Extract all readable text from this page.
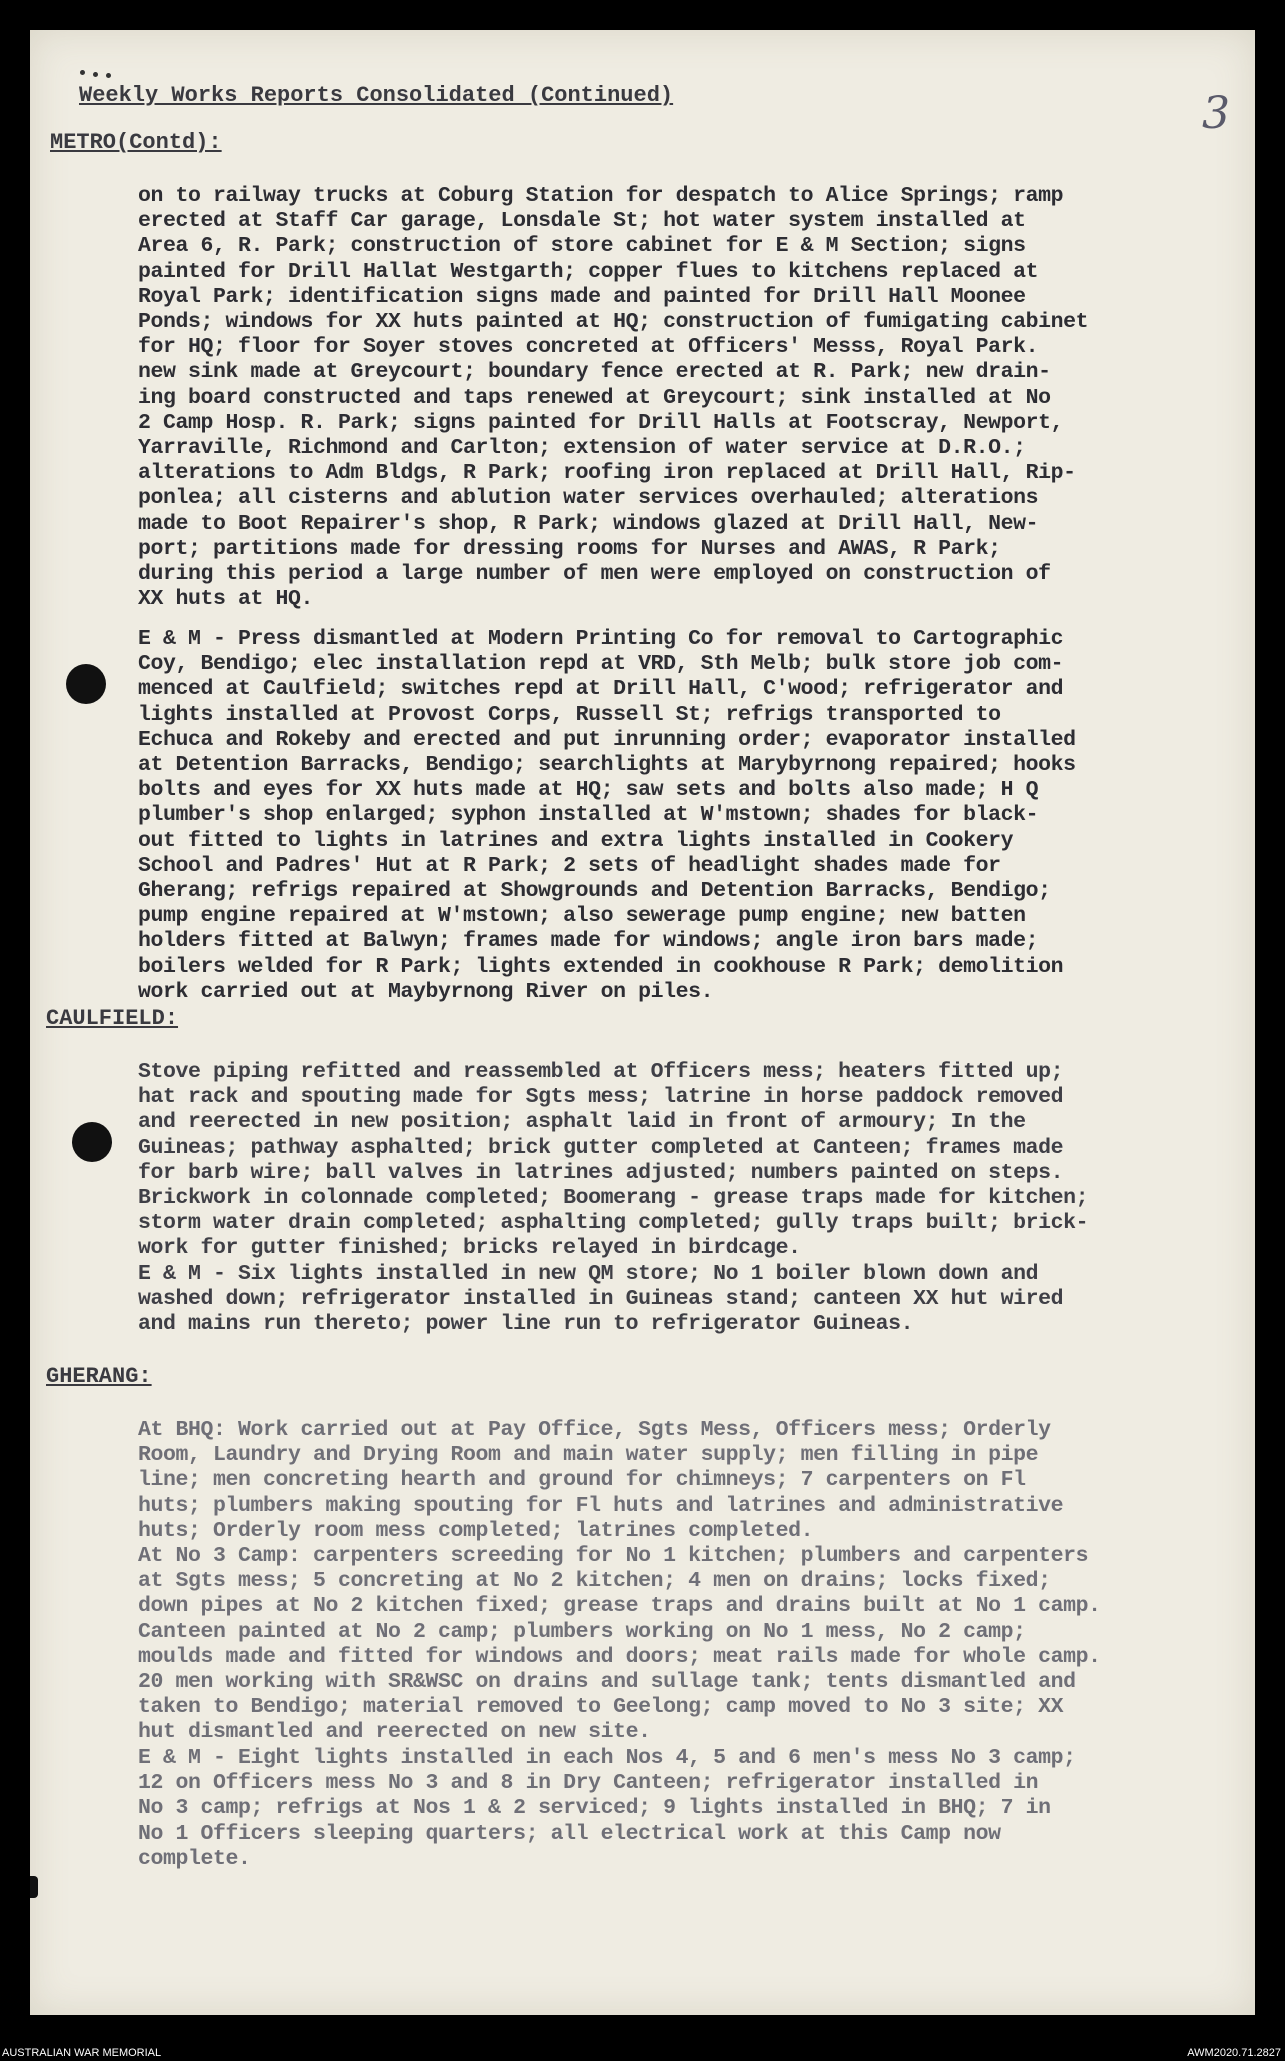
3
Weekly Works Reports Consolidated (Continued)
METRO(Contd):
on to railway trucks at Coburg Station for despatch to Alice Springs; ramp
erected at Staff Car garage, Lonsdale St; hot water system installed at
Area 6, R. Park; construction of store cabinet for E & M Section; signs
painted for Drill Hallat Westgarth; copper flues to kitchens replaced at
Royal Park; identification signs made and painted for Drill Hall Moonee
Ponds; windows for XX huts painted at HQ; construction of fumigating cabinet
for HQ; floor for Soyer stoves concreted at Officers' Messs, Royal Park.
new sink made at Greycourt; boundary fence erected at R. Park; new drain-
ing board constructed and taps renewed at Greycourt; sink installed at No
2 Camp Hosp. R. Park; signs painted for Drill Halls at Footscray, Newport,
Yarraville, Richmond and Carlton; extension of water service at D.R.O.;
alterations to Adm Bldgs, R Park; roofing iron replaced at Drill Hall, Rip-
ponlea; all cisterns and ablution water services overhauled; alterations
made to Boot Repairer's shop, R Park; windows glazed at Drill Hall, New-
port; partitions made for dressing rooms for Nurses and AWAS, R Park;
during this period a large number of men were employed on construction of
XX huts at HQ.
E & M - Press dismantled at Modern Printing Co for removal to Cartographic
Coy, Bendigo; elec installation repd at VRD, Sth Melb; bulk store job com-
menced at Caulfield; switches repd at Drill Hall, C'wood; refrigerator and
lights installed at Provost Corps, Russell St; refrigs transported to
Echuca and Rokeby and erected and put inrunning order; evaporator installed
at Detention Barracks, Bendigo; searchlights at Marybyrnong repaired; hooks
bolts and eyes for XX huts made at HQ; saw sets and bolts also made; H Q
plumber's shop enlarged; syphon installed at W'mstown; shades for black-
out fitted to lights in latrines and extra lights installed in Cookery
School and Padres' Hut at R Park; 2 sets of headlight shades made for
Gherang; refrigs repaired at Showgrounds and Detention Barracks, Bendigo;
pump engine repaired at W'mstown; also sewerage pump engine; new batten
holders fitted at Balwyn; frames made for windows; angle iron bars made;
boilers welded for R Park; lights extended in cookhouse R Park; demolition
work carried out at Maybyrnong River on piles.
CAULFIELD:
Stove piping refitted and reassembled at Officers mess; heaters fitted up;
hat rack and spouting made for Sgts mess; latrine in horse paddock removed
and reerected in new position; asphalt laid in front of armoury; In the
Guineas; pathway asphalted; brick gutter completed at Canteen; frames made
for barb wire; ball valves in latrines adjusted; numbers painted on steps.
Brickwork in colonnade completed; Boomerang - grease traps made for kitchen;
storm water drain completed; asphalting completed; gully traps built; brick-
work for gutter finished; bricks relayed in birdcage.
E & M - Six lights installed in new QM store; No 1 boiler blown down and
washed down; refrigerator installed in Guineas stand; canteen XX hut wired
and mains run thereto; power line run to refrigerator Guineas.
GHERANG:
At BHQ: Work carried out at Pay Office, Sgts Mess, Officers mess; Orderly
Room, Laundry and Drying Room and main water supply; men filling in pipe
line; men concreting hearth and ground for chimneys; 7 carpenters on Fl
huts; plumbers making spouting for Fl huts and latrines and administrative
huts; Orderly room mess completed; latrines completed.
At No 3 Camp: carpenters screeding for No 1 kitchen; plumbers and carpenters
at Sgts mess; 5 concreting at No 2 kitchen; 4 men on drains; locks fixed;
down pipes at No 2 kitchen fixed; grease traps and drains built at No 1 camp.
Canteen painted at No 2 camp; plumbers working on No 1 mess, No 2 camp;
moulds made and fitted for windows and doors; meat rails made for whole camp.
20 men working with SR&WSC on drains and sullage tank; tents dismantled and
taken to Bendigo; material removed to Geelong; camp moved to No 3 site; XX
hut dismantled and reerected on new site.
E & M - Eight lights installed in each Nos 4, 5 and 6 men's mess No 3 camp;
12 on Officers mess No 3 and 8 in Dry Canteen; refrigerator installed in
No 3 camp; refrigs at Nos 1 & 2 serviced; 9 lights installed in BHQ; 7 in
No 1 Officers sleeping quarters; all electrical work at this Camp now
complete.
AUSTRALIAN WAR MEMORIAL	AWM2020.71.2827
